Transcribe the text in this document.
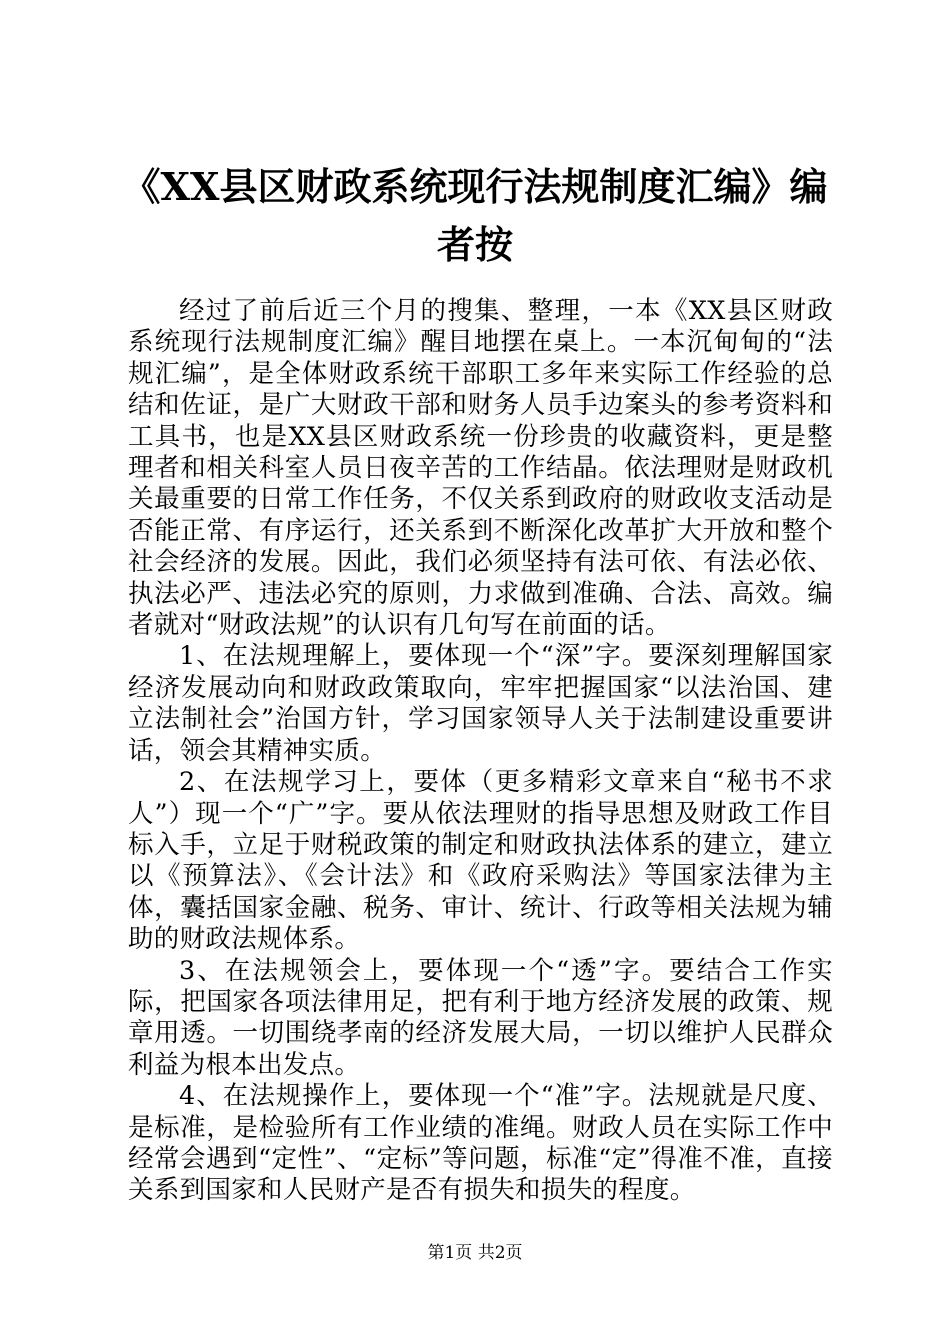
《XX县区财政系统现行法规制度汇编》编者按

经过了前后近三个月的搜集、整理，一本《XX县区财政系统现行法规制度汇编》醒目地摆在桌上。一本沉甸甸的“法规汇编”，是全体财政系统干部职工多年来实际工作经验的总结和佐证，是广大财政干部和财务人员手边案头的参考资料和工具书，也是XX县区财政系统一份珍贵的收藏资料，更是整理者和相关科室人员日夜辛苦的工作结晶。依法理财是财政机关最重要的日常工作任务，不仅关系到政府的财政收支活动是否能正常、有序运行，还关系到不断深化改革扩大开放和整个社会经济的发展。因此，我们必须坚持有法可依、有法必依、执法必严、违法必究的原则，力求做到准确、合法、高效。编者就对“财政法规”的认识有几句写在前面的话。

1、在法规理解上，要体现一个“深”字。要深刻理解国家经济发展动向和财政政策取向，牢牢把握国家“以法治国、建立法制社会”治国方针，学习国家领导人关于法制建设重要讲话，领会其精神实质。

2、在法规学习上，要体（更多精彩文章来自“秘书不求人”）现一个“广”字。要从依法理财的指导思想及财政工作目标入手，立足于财税政策的制定和财政执法体系的建立，建立以《预算法》、《会计法》和《政府采购法》等国家法律为主体，囊括国家金融、税务、审计、统计、行政等相关法规为辅助的财政法规体系。

3、在法规领会上，要体现一个“透”字。要结合工作实际，把国家各项法律用足，把有利于地方经济发展的政策、规章用透。一切围绕孝南的经济发展大局，一切以维护人民群众利益为根本出发点。

4、在法规操作上，要体现一个“准”字。法规就是尺度、是标准，是检验所有工作业绩的准绳。财政人员在实际工作中经常会遇到“定性”、“定标”等问题，标准“定”得准不准，直接关系到国家和人民财产是否有损失和损失的程度。

第1页 共2页
